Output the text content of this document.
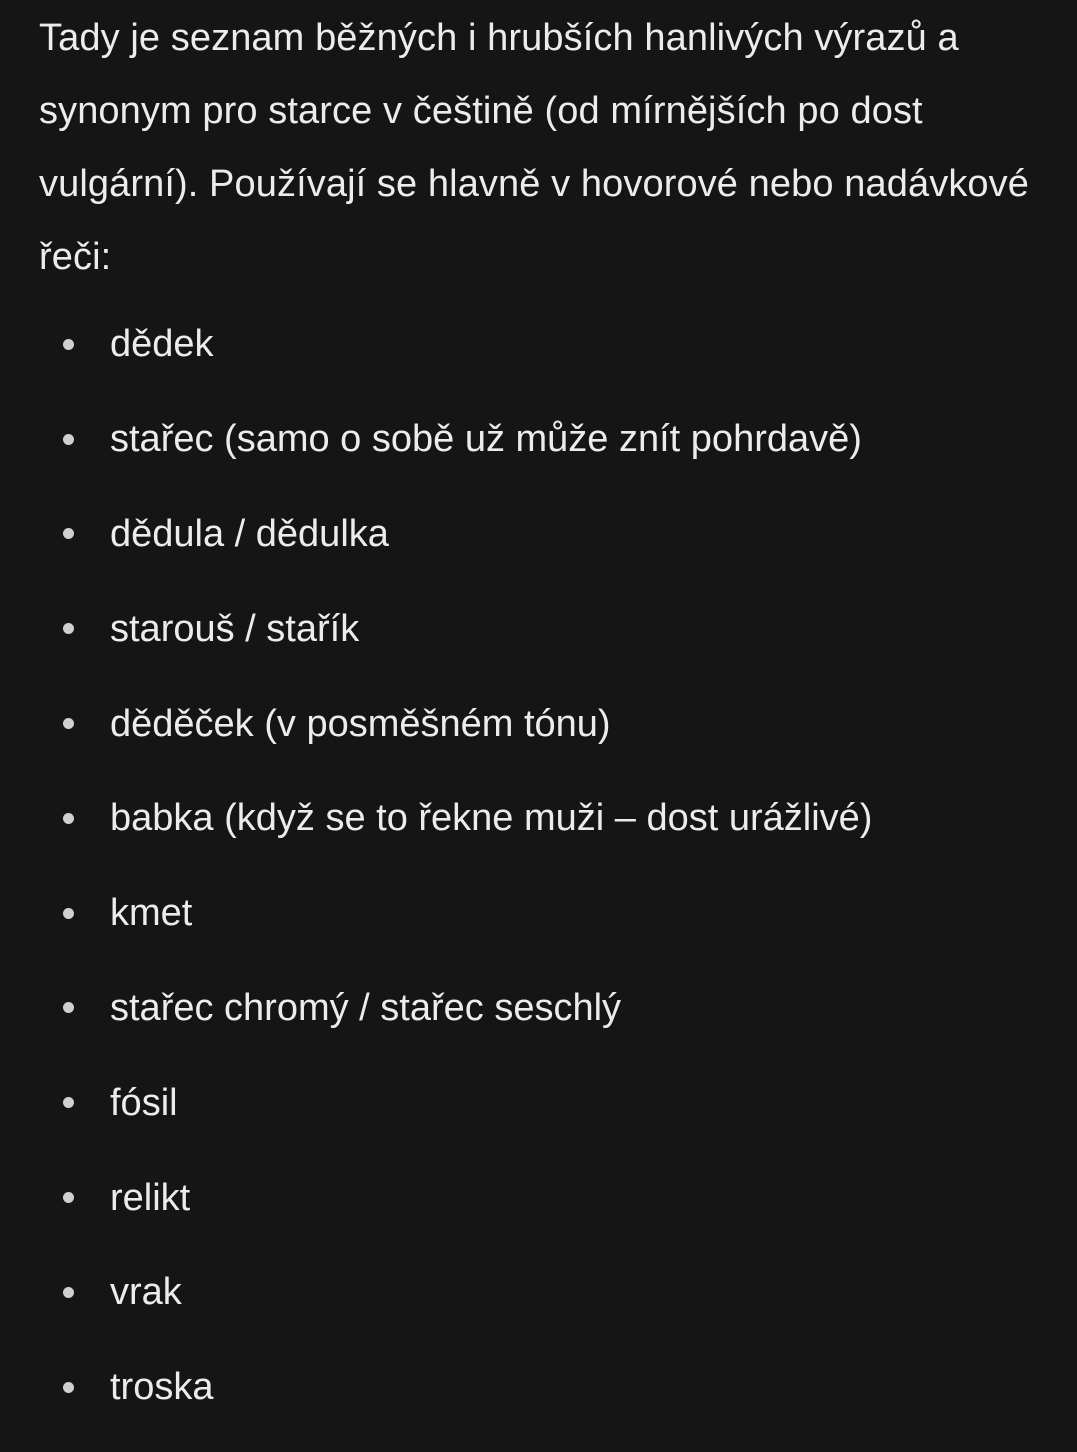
Tady je seznam běžných i hrubších hanlivých výrazů a synonym pro starce v češtině (od mírnějších po dost vulgární). Používají se hlavně v hovorové nebo nadávkové řeči:

dědek
stařec (samo o sobě už může znít pohrdavě)
dědula / dědulka
starouš / stařík
děděček (v posměšném tónu)
babka (když se to řekne muži – dost urážlivé)
kmet
stařec chromý / stařec seschlý
fósil
relikt
vrak
troska
